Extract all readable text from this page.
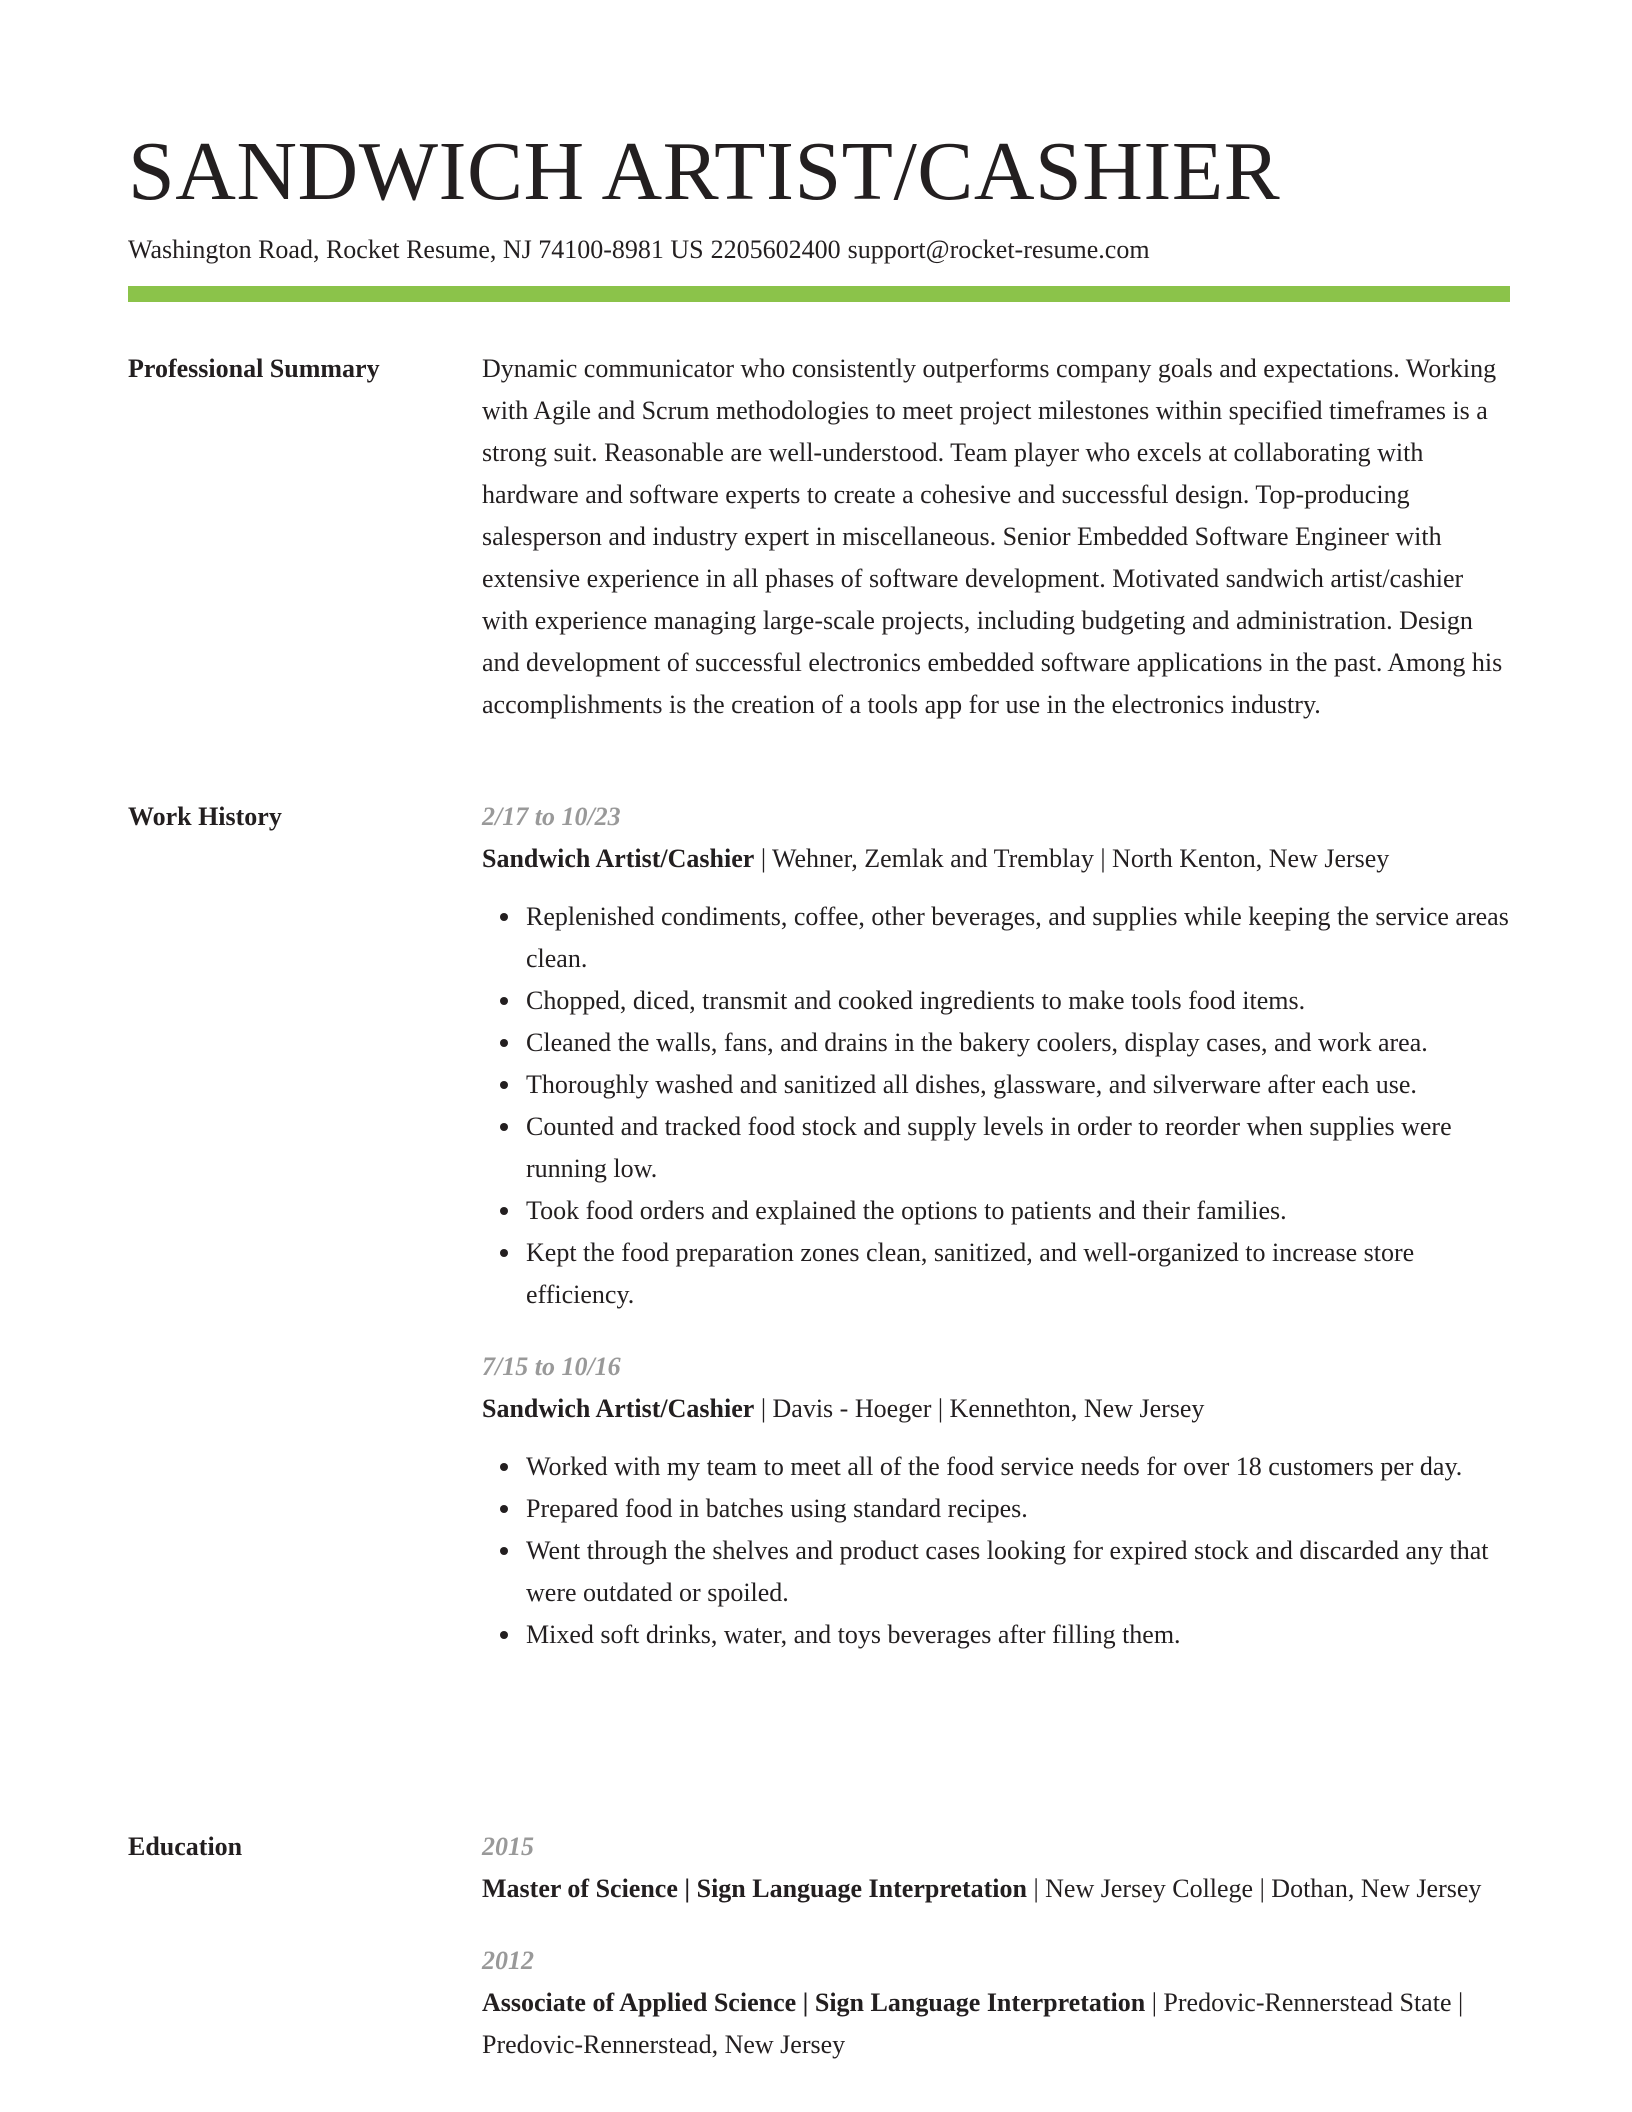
SANDWICH ARTIST/CASHIER
Washington Road, Rocket Resume, NJ 74100-8981 US 2205602400 support@rocket-resume.com
Professional Summary	Dynamic communicator who consistently outperforms company goals and expectations. Working with Agile and Scrum methodologies to meet project milestones within specified timeframes is a strong suit. Reasonable are well-understood. Team player who excels at collaborating with hardware and software experts to create a cohesive and successful design. Top-producing salesperson and industry expert in miscellaneous. Senior Embedded Software Engineer with extensive experience in all phases of software development. Motivated sandwich artist/cashier with experience managing large-scale projects, including budgeting and administration. Design and development of successful electronics embedded software applications in the past. Among his accomplishments is the creation of a tools app for use in the electronics industry.

Work History	2/17 to 10/23
Sandwich Artist/Cashier | Wehner, Zemlak and Tremblay | North Kenton, New Jersey
Replenished condiments, coffee, other beverages, and supplies while keeping the service areas clean.
Chopped, diced, transmit and cooked ingredients to make tools food items.
Cleaned the walls, fans, and drains in the bakery coolers, display cases, and work area.
Thoroughly washed and sanitized all dishes, glassware, and silverware after each use.
Counted and tracked food stock and supply levels in order to reorder when supplies were running low.
Took food orders and explained the options to patients and their families.
Kept the food preparation zones clean, sanitized, and well-organized to increase store efficiency.
7/15 to 10/16
Sandwich Artist/Cashier | Davis - Hoeger | Kennethton, New Jersey
Worked with my team to meet all of the food service needs for over 18 customers per day.
Prepared food in batches using standard recipes.
Went through the shelves and product cases looking for expired stock and discarded any that were outdated or spoiled.
Mixed soft drinks, water, and toys beverages after filling them.
Education	2015
Master of Science | Sign Language Interpretation | New Jersey College | Dothan, New Jersey
2012
Associate of Applied Science | Sign Language Interpretation | Predovic-Rennerstead State | Predovic-Rennerstead, New Jersey
